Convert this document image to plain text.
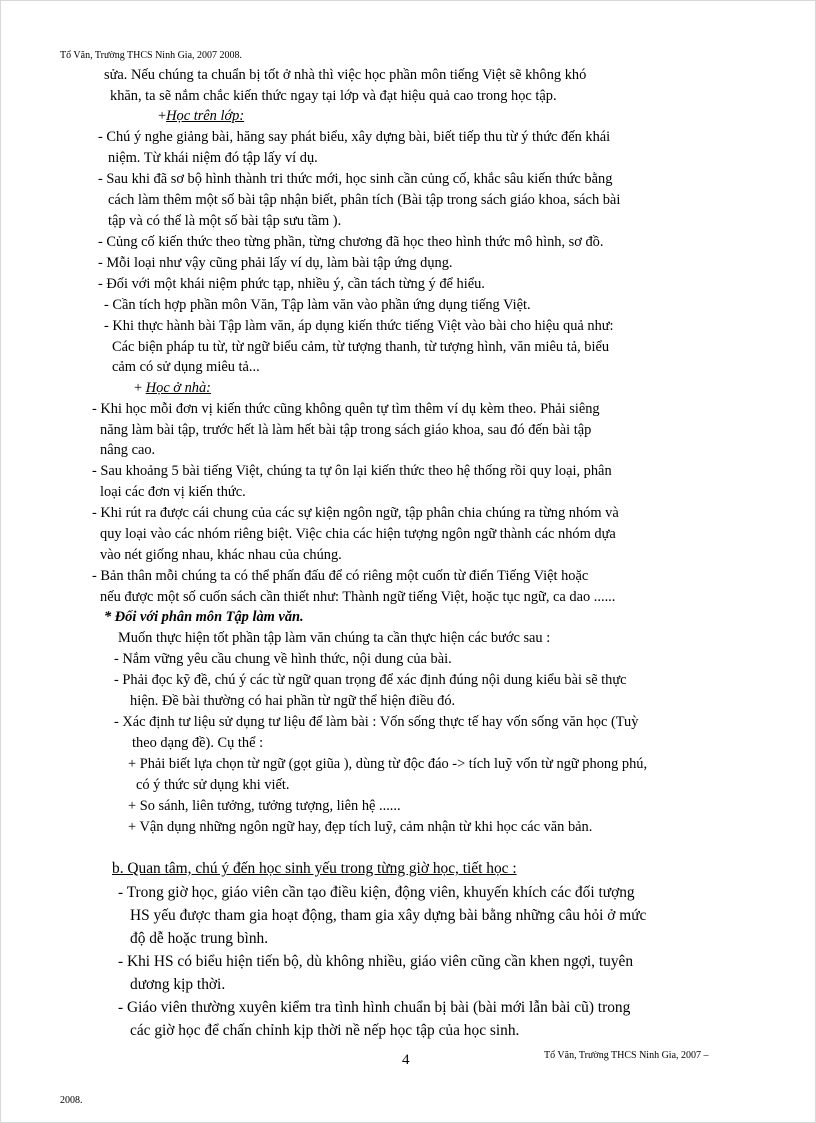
Tổ Văn, Trường THCS Ninh Gia, 2007 2008.
sửa. Nếu chúng ta chuẩn bị tốt ở nhà thì việc học phần môn tiếng Việt sẽ không khó
khăn, ta sẽ nắm chắc kiến thức ngay tại lớp và đạt hiệu quả cao trong học tập.
+Học trên lớp:
- Chú ý nghe giảng bài, hăng say phát biểu, xây dựng bài, biết tiếp thu từ ý thức đến khái
niệm. Từ khái niệm đó tập lấy ví dụ.
- Sau khi đã sơ bộ hình thành tri thức mới, học sinh cần củng cố, khắc sâu kiến thức bằng
cách làm thêm một số bài tập nhận biết, phân tích (Bài tập trong sách giáo khoa, sách bài
tập và có thể là một số bài tập sưu tầm ).
- Củng cố kiến thức theo từng phần, từng chương đã học theo hình thức mô hình, sơ đồ.
- Mỗi loại như vậy cũng phải lấy ví dụ, làm bài tập ứng dụng.
- Đối với một khái niệm phức tạp, nhiều ý, cần tách từng ý để hiểu.
- Cần tích hợp phần môn Văn, Tập làm văn vào phần ứng dụng tiếng Việt.
- Khi thực hành bài Tập làm văn, áp dụng kiến thức tiếng Việt vào bài cho hiệu quả như:
Các biện pháp tu từ, từ ngữ biểu cảm, từ tượng thanh, từ tượng hình, văn miêu tả, biểu
cảm có sử dụng miêu tả...
+ Học ở nhà:
- Khi học mỗi đơn vị kiến thức cũng không quên tự tìm thêm ví dụ kèm theo. Phải siêng
năng làm bài tập, trước hết là làm hết bài tập trong sách giáo khoa, sau đó đến bài tập
nâng cao.
- Sau khoảng 5 bài tiếng Việt, chúng ta tự ôn lại kiến thức theo hệ thống rồi quy loại, phân
loại các đơn vị kiến thức.
- Khi rút ra được cái chung của các sự kiện ngôn ngữ, tập phân chia chúng ra từng nhóm và
quy loại vào các nhóm riêng biệt. Việc chia các hiện tượng ngôn ngữ thành các nhóm dựa
vào nét giống nhau, khác nhau của chúng.
- Bản thân mỗi chúng ta có thể phấn đấu để có riêng một cuốn từ điển Tiếng Việt hoặc
nếu được một số cuốn sách cần thiết như: Thành ngữ tiếng Việt, hoặc tục ngữ, ca dao ......
* Đối với phân môn Tập làm văn.
Muốn thực hiện tốt phần tập làm văn chúng ta cần thực hiện các bước sau :
- Nắm vững yêu cầu chung về hình thức, nội dung của bài.
- Phải đọc kỹ đề, chú ý các từ ngữ quan trọng để xác định đúng nội dung kiểu bài sẽ thực
hiện. Đề bài thường có hai phần từ ngữ thể hiện điều đó.
- Xác định tư liệu sử dụng tư liệu để làm bài : Vốn sống thực tế hay vốn sống văn học (Tuỳ
theo dạng đề). Cụ thể :
+ Phải biết lựa chọn từ ngữ (gọt giũa ), dùng từ độc đáo -> tích luỹ vốn từ ngữ phong phú,
có ý thức sử dụng khi viết.
+ So sánh, liên tưởng, tưởng tượng, liên hệ ......
+ Vận dụng những ngôn ngữ hay, đẹp tích luỹ, cảm nhận từ khi học các văn bản.
b. Quan tâm, chú ý đến học sinh yếu trong từng giờ học, tiết học :
- Trong giờ học, giáo viên cần tạo điều kiện, động viên, khuyến khích các đối tượng
HS yếu được tham gia hoạt động, tham gia xây dựng bài bằng những câu hỏi ở mức
độ dễ hoặc trung bình.
- Khi HS có biểu hiện tiến bộ, dù không nhiều, giáo viên cũng cần khen ngợi, tuyên
dương kịp thời.
- Giáo viên thường xuyên kiểm tra tình hình chuẩn bị bài (bài mới lẫn bài cũ) trong
các giờ học để chấn chỉnh kịp thời nề nếp học tập của học sinh.
4	Tổ Văn, Trường THCS Ninh Gia, 2007 –
2008.
